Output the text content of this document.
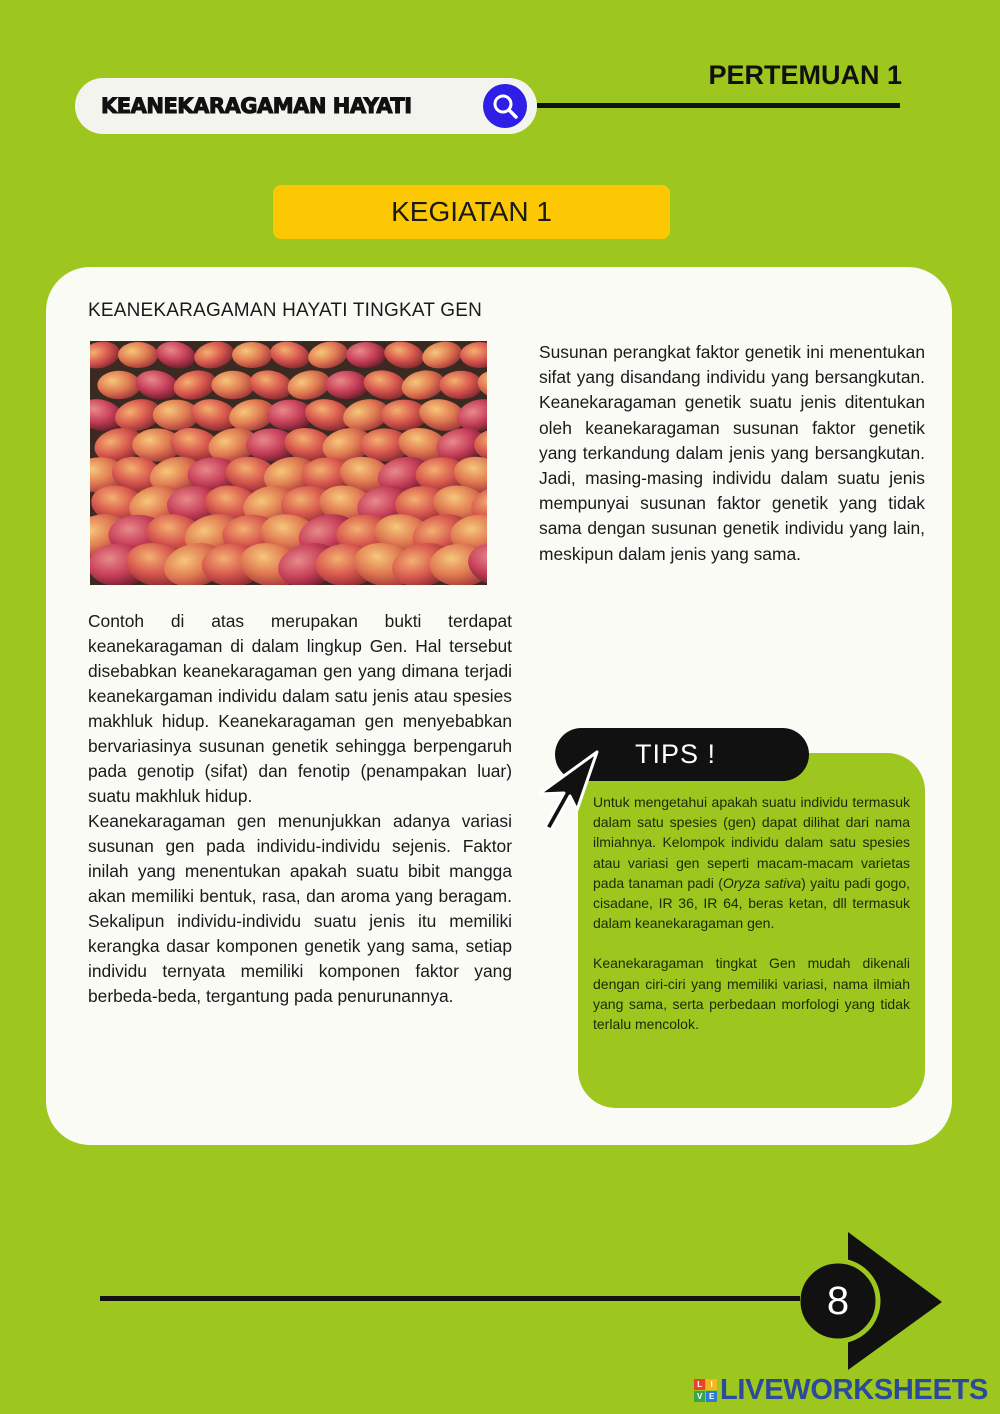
KEANEKARAGAMAN HAYATI
PERTEMUAN 1
KEGIATAN 1
KEANEKARAGAMAN HAYATI TINGKAT GEN

Contoh di atas merupakan bukti terdapat keanekaragaman di dalam lingkup Gen. Hal tersebut disebabkan keanekaragaman gen yang dimana terjadi keanekargaman individu dalam satu jenis atau spesies makhluk hidup. Keanekaragaman gen menyebabkan bervariasinya susunan genetik sehingga berpengaruh pada genotip (sifat) dan fenotip (penampakan luar) suatu makhluk hidup.

Keanekaragaman gen menunjukkan adanya variasi susunan gen pada individu-individu sejenis. Faktor inilah yang menentukan apakah suatu bibit mangga akan memiliki bentuk, rasa, dan aroma yang beragam. Sekalipun individu-individu suatu jenis itu memiliki kerangka dasar komponen genetik yang sama, setiap individu ternyata memiliki komponen faktor yang berbeda-beda, tergantung pada penurunannya.

Susunan perangkat faktor genetik ini menentukan sifat yang disandang individu yang bersangkutan. Keanekaragaman genetik suatu jenis ditentukan oleh keanekaragaman susunan faktor genetik yang terkandung dalam jenis yang bersangkutan. Jadi, masing-masing individu dalam suatu jenis mempunyai susunan faktor genetik yang tidak sama dengan susunan genetik individu yang lain, meskipun dalam jenis yang sama.

TIPS !

Untuk mengetahui apakah suatu individu termasuk dalam satu spesies (gen) dapat dilihat dari nama ilmiahnya. Kelompok individu dalam satu spesies atau variasi gen seperti macam-macam varietas pada tanaman padi (Oryza sativa) yaitu padi gogo, cisadane, IR 36, IR 64, beras ketan, dll termasuk dalam keanekaragaman gen.

Keanekaragaman tingkat Gen mudah dikenali dengan ciri-ciri yang memiliki variasi, nama ilmiah yang sama, serta perbedaan morfologi yang tidak terlalu mencolok.

8
L	I
V E LIVEWORKSHEETS
